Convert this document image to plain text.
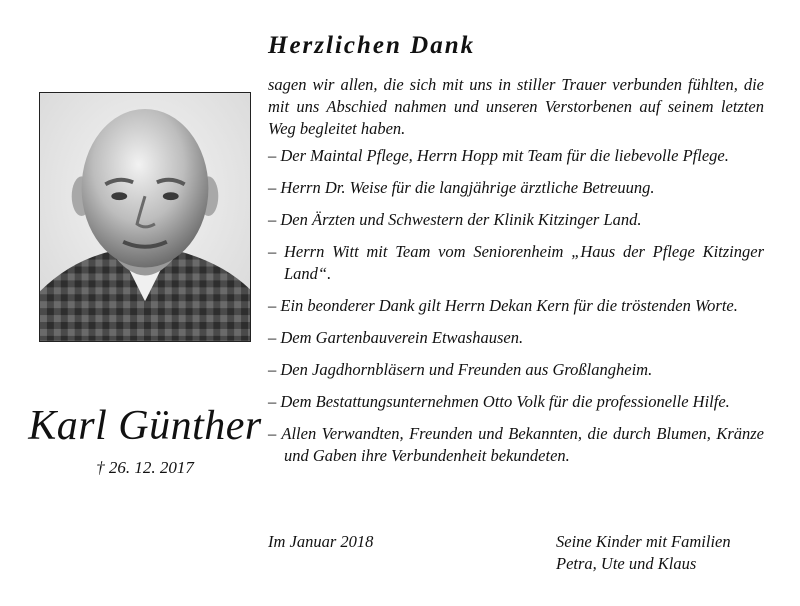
Karl Günther
† 26. 12. 2017
Herzlichen Dank
sagen wir allen, die sich mit uns in stiller Trauer verbunden fühlten, die mit uns Abschied nahmen und unseren Verstorbenen auf seinem letzten Weg begleitet haben.
– Der Maintal Pflege, Herrn Hopp mit Team für die liebevolle Pflege.
– Herrn Dr. Weise für die langjährige ärztliche Betreuung.
– Den Ärzten und Schwestern der Klinik Kitzinger Land.
– Herrn Witt mit Team vom Seniorenheim „Haus der Pflege Kitzinger Land“.
– Ein beonderer Dank gilt Herrn Dekan Kern für die tröstenden Worte.
– Dem Gartenbauverein Etwashausen.
– Den Jagdhornbläsern und Freunden aus Großlangheim.
– Dem Bestattungsunternehmen Otto Volk für die professionelle Hilfe.
– Allen Verwandten, Freunden und Bekannten, die durch Blumen, Kränze und Gaben ihre Verbundenheit bekundeten.
Im Januar 2018	Seine Kinder mit Familien
Petra, Ute und Klaus
